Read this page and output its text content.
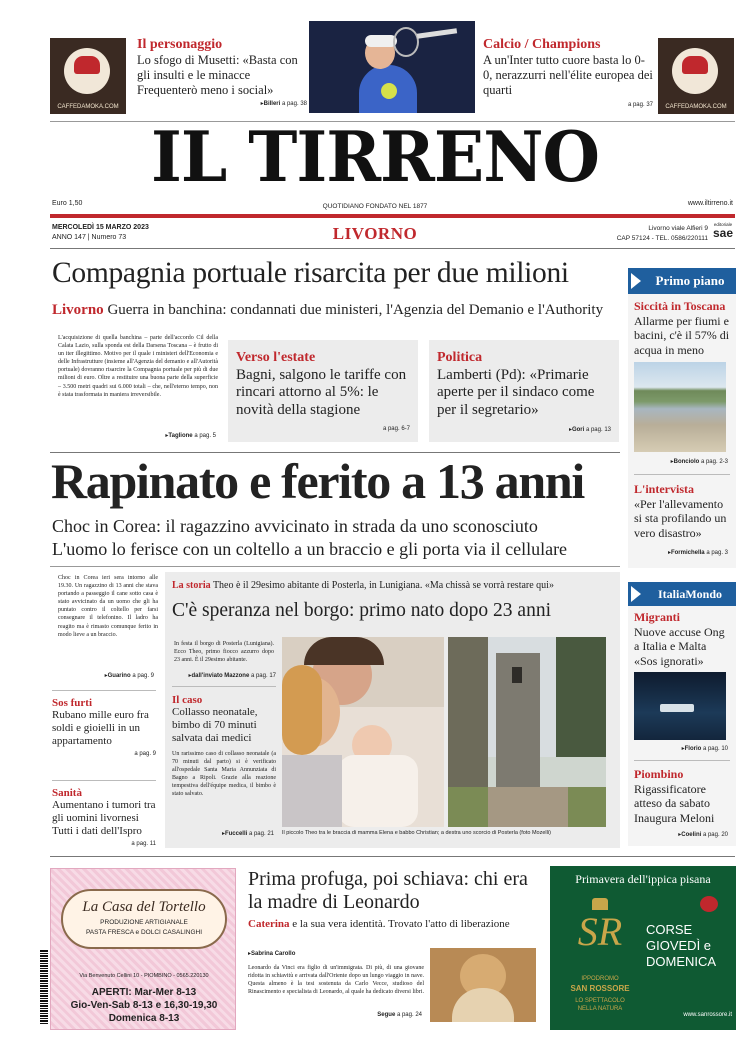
CAFFEDAMOKA.COM
Il personaggio
Lo sfogo di Musetti: «Basta con gli insulti e le minacce Frequenterò meno i social»
▸Billeri a pag. 38
Calcio / Champions
A un'Inter tutto cuore basta lo 0-0, nerazzurri nell'élite europea dei quarti
a pag. 37	CAFFEDAMOKA.COM
IL TIRRENO
Euro 1,50	QUOTIDIANO FONDATO NEL 1877	www.iltirreno.it
MERCOLEDÌ 15 MARZO 2023
ANNO 147 | Numero 73	LIVORNO	Livorno viale Alfieri 9
CAP 57124 - TEL. 0586/220111
editoriale
sae
Compagnia portuale risarcita per due milioni
Livorno Guerra in banchina: condannati due ministeri, l'Agenzia del Demanio e l'Authority
L'acquisizione di quella banchina – parte dell'accordo Cil della Calata Lazio, sulla sponda est della Darsena Toscana – è frutto di un iter illegittimo. Motivo per il quale i ministeri dell'Economia e delle Infrastrutture (insieme all'Agenzia del demanio e all'Autorità portuale) dovranno risarcire la Compagnia portuale per più di due milioni di euro. Oltre a restituire una buona parte della superficie – 3.500 metri quadri sui 6.000 totali – che, nell'eterno tempo, non è stata trasformata in maniera irreversibile.
▸Taglione a pag. 5
Verso l'estate
Bagni, salgono le tariffe con rincari attorno al 5%: le novità della stagione
a pag. 6-7
Politica
Lamberti (Pd): «Primarie aperte per il sindaco come per il segretario»
▸Gori a pag. 13
Primo piano
Siccità in Toscana
Allarme per fiumi e bacini, c'è il 57% di acqua in meno
▸Bonciolo a pag. 2-3
L'intervista
«Per l'allevamento si sta profilando un vero disastro»
▸Formichella a pag. 3
Rapinato e ferito a 13 anni
Choc in Corea: il ragazzino avvicinato in strada da uno sconosciuto
L'uomo lo ferisce con un coltello a un braccio e gli porta via il cellulare
Choc in Corea ieri sera intorno alle 19.30. Un ragazzino di 13 anni che stava portando a passeggio il cane sotto casa è stato avvicinato da un uomo che gli ha puntato contro il coltello per farsi consegnare il telefonino. Il ladro ha reagito ma è rimasto comunque ferito in modo lieve a un braccio.
▸Guarino a pag. 9
Sos furti
Rubano mille euro fra soldi e gioielli in un appartamento
a pag. 9
Sanità
Aumentano i tumori tra gli uomini livornesi Tutti i dati dell'Ispro
a pag. 11
La storia Theo è il 29esimo abitante di Posterla, in Lunigiana. «Ma chissà se vorrà restare qui»
C'è speranza nel borgo: primo nato dopo 23 anni
In festa il borgo di Posterla (Lunigiana). Ecco Theo, primo fiocco azzurro dopo 23 anni. È il 29esimo abitante.
▸dall'inviato Mazzone a pag. 17
Il caso
Collasso neonatale, bimbo di 70 minuti salvata dai medici
Un rarissimo caso di collasso neonatale (a 70 minuti dal parto) si è verificato all'ospedale Santa Maria Annunziata di Bagno a Ripoli. Grazie alla reazione tempestiva dell'équipe medica, il bimbo è stato salvato.
▸Fuccelli a pag. 21 Il piccolo Theo tra le braccia di mamma Elena e babbo Christian; a destra uno scorcio di Posterla (foto Mozelli)
ItaliaMondo
Migranti
Nuove accuse Ong a Italia e Malta «Sos ignorati»
▸Florio a pag. 10
Piombino
Rigassificatore atteso da sabato Inaugura Meloni
▸Coelini a pag. 20
La Casa del Tortello
PRODUZIONE ARTIGIANALE
PASTA FRESCA e DOLCI CASALINGHI
Via Benvenuto Cellini 10 - PIOMBINO - 0565.220130
APERTI: Mar-Mer 8-13
Gio-Ven-Sab 8-13 e 16,30-19,30
Domenica 8-13
Prima profuga, poi schiava: chi era la madre di Leonardo
Caterina e la sua vera identità. Trovato l'atto di liberazione
▸Sabrina Carollo
Leonardo da Vinci era figlio di un'immigrata. Di più, di una giovane ridotta in schiavitù e arrivata dall'Oriente dopo un lungo viaggio in nave. Questa almeno è la tesi sostenuta da Carlo Vecce, studioso del Rinascimento e specialista di Leonardo, al quale ha dedicato diversi libri.
Segue a pag. 24
Primavera dell'ippica pisana
SR
IPPODROMO
SAN ROSSORE
LO SPETTACOLO
NELLA NATURA
CORSE
GIOVEDÌ e
DOMENICA
www.sanrossore.it
